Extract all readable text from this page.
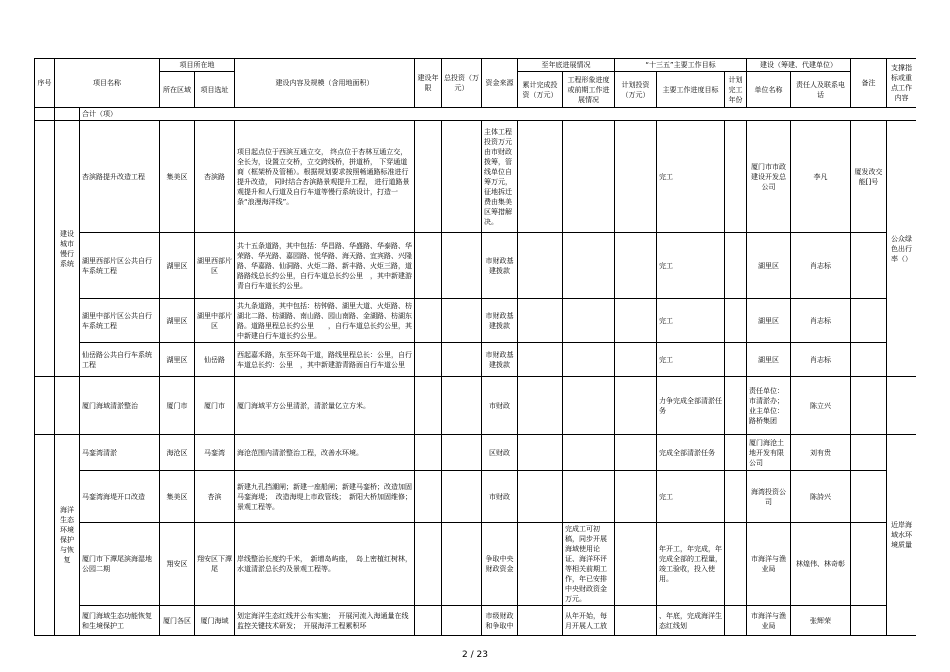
序号	项目名称		项目所在地		建设内容及规模（含用地面积）	建设年限	总投资（万元）	资金来源	至年底进展情况		“十三五”主要工作目标			建设（筹建、代建单位）		备注	支撑指标或重点工作内容
			所在区域	项目选址					累计完成投资（万元）	工程形象进度或前期工作进展情况	计划投资（万元）	主要工作进度目标	计划完工年份	单位名称	责任人及联系电话		

		合计（项）															
	建设城市慢行系统	杏滨路提升改造工程	集美区	杏滨路	项目起点位于西滨互通立交， 终点位于杏林互通立交，全长为，设置立交桥，立交跨线桥，拼道桥， 下穿通道商（框架桥及管桶）。根据规划要求按照畅通路标准进行提升改造， 同时结合杏滨路景观提升工程， 进行道路景观提升和人行道及自行车道等慢行系统设计，打造一条“浪漫海洋线”。			主体工程投资万元由市财政拨筹，管线单位自筹万元，征地拆迁费由集美区筹措解决。				完工		厦门市市政建设开发总公司	李凡	厦发改交能[]号	公众绿色出行率（）
		湖里西部片区公共自行车系统工程	湖里区	湖里西部片区	共十五条道路，其中包括：华昌路、华盛路、华泰路、华荣路、华光路、嘉园路、悦华路、海天路、宜宾路、兴隆路、华嘉路、仙洞路、火炬二路、新丰路、火炬三路，道路路线总长约公里，自行车道总长约公里　，其中新建游青自行车道长约公里。			市财政基建拨款				完工		湖里区	肖志标		
		湖里中部片区公共自行车系统工程	湖里区	湖里中部片区	共九条道路，其中包括：枋钟路、湖里大道、火炬路、枋湖北二路、枋湖路、南山路、园山南路、金湖路、枋湖东路。道路里程总长约公里　　，自行车道总长约公里，其中新建自行车道长约公里。			市财政基建拨款				完工		湖里区	肖志标		
		仙岳路公共自行车系统工程	湖里区	仙岳路	西起嘉禾路，东至环岛干道，路线里程总长：公里，自行车道总长约：公里　，其中新建游青路面自行车道公里			市财政基建拨款				完工		湖里区	肖志标		
		厦门海域清淤整治	厦门市	厦门市	厦门海域平方公里清淤，清淤量亿立方米。			市财政				力争完成全部清淤任务		责任单位：市清淤办；业主单位：路桥集团	陈立兴		
	海洋生态环境保护与恢复	马銮湾清淤	海沧区	马銮湾	海沧范围内清淤整治工程，改善水环境。			区财政				完成全部清淤任务		厦门海沧土地开发有限公司	刘有贵		近岸海域水环境质量
		马銮湾海堤开口改造	集美区	杏滨	新建九孔挡潮闸；新建一座船闸；新建马銮桥；改造加固马銮海堤；　改造海堤上市政管线；　新阳大桥加固维修；景观工程等。			市财政				完工		海湾投资公司	陈詩兴		
		厦门市下潭尾滨海湿地公园二期	翔安区	翔安区下潭尾	岸线整治长度约千米，　新增岛屿座，　岛上密植红树林，水道清淤总长约及景观工程等。			争取中央财政资金		完成工可初稿，同步开展海域使用论证、海洋环评等相关前期工作，年已安排中央财政资金万元。		年开工，年完成，年完成全部的工程量，竣工验收，投入使用。		市海洋与渔业局	林煌伟、林奇彰		
		厦门海域生态功能恢复和生境保护工	厦门各区	厦门海域	划定海洋生态红线并公布实施；　开展河流入海通量在线监控关键技术研发；　开展海洋工程累积环			市级财政和争取中		从年开始，每月开展人工放		、年底，完成海洋生态红线划		市海洋与渔业局	张辉荣		
2 / 23
